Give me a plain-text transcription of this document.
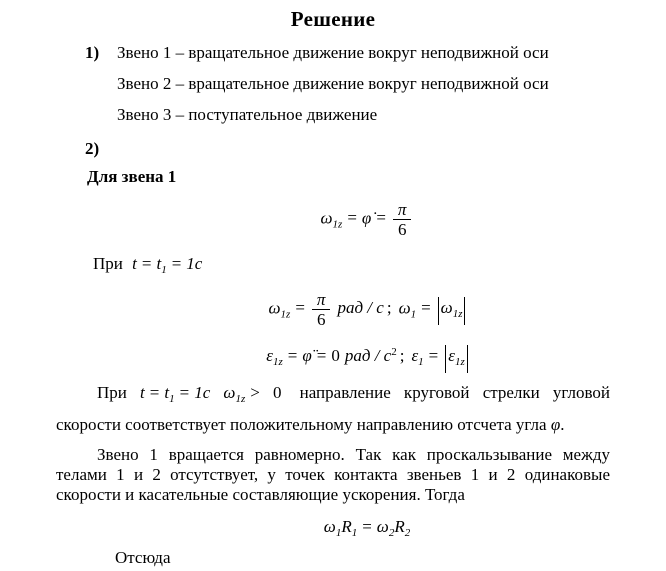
Решение
1) Звено 1 – вращательное движение вокруг неподвижной оси
Звено 2 – вращательное движение вокруг неподвижной оси
Звено 3 – поступательное движение
2)
Для звена 1
$\omega_{1z}$ = φ̇ = $\frac{\pi}{6}$
При $t = t_1 = 1с$
$\omega_{1z} = \frac{\pi}{6}$ рад / с ; $\omega_1 = \omega_{1z}$
$\varepsilon_{1z}$ = φ̈ = 0 рад / $с^2$ ; $\varepsilon_1 = \varepsilon_{1z}$
При $t = t_1 = 1с$ $\omega_{1z} > 0$ направление круговой стрелки угловой скорости соответствует положительному направлению отсчета угла φ.
Звено 1 вращается равномерно. Так как проскальзывание между телами 1 и 2 отсутствует, у точек контакта звеньев 1 и 2 одинаковые скорости и касательные составляющие ускорения. Тогда
$\omega_1R_1 = \omega_2R_2$
Отсюда
